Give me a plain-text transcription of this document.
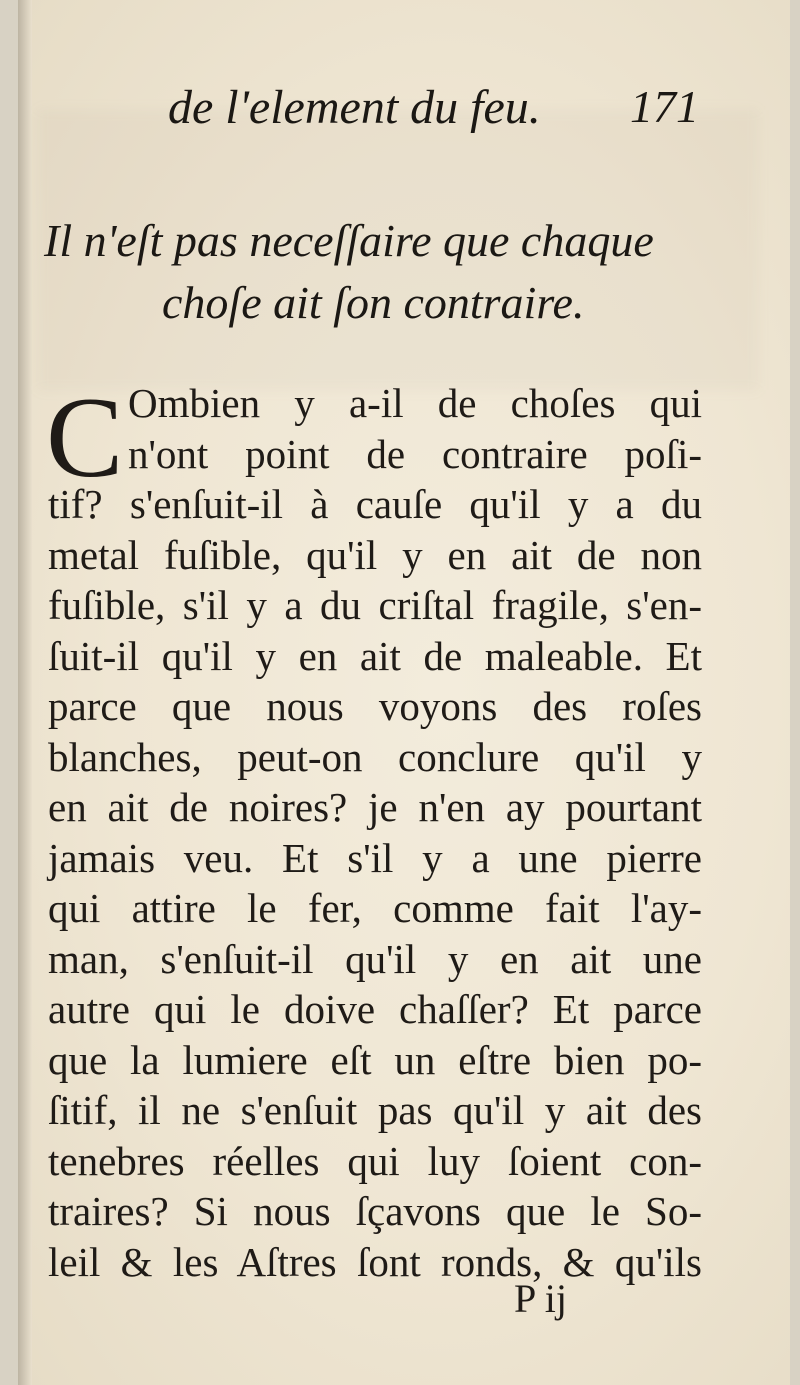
de l'element du feu. 171
Il n'eſt pas neceſſaire que chaque
choſe ait ſon contraire.
C Ombien y a-il de choſes qui
n'ont point de contraire poſi-
tif? s'enſuit-il à cauſe qu'il y a du
metal fuſible, qu'il y en ait de non
fuſible, s'il y a du criſtal fragile, s'en-
ſuit-il qu'il y en ait de maleable. Et
parce que nous voyons des roſes
blanches, peut-on conclure qu'il y
en ait de noires? je n'en ay pourtant
jamais veu. Et s'il y a une pierre
qui attire le fer, comme fait l'ay-
man, s'enſuit-il qu'il y en ait une
autre qui le doive chaſſer? Et parce
que la lumiere eſt un eſtre bien po-
ſitif, il ne s'enſuit pas qu'il y ait des
tenebres réelles qui luy ſoient con-
traires? Si nous ſçavons que le So-
leil & les Aſtres ſont ronds, & qu'ils
P ij
